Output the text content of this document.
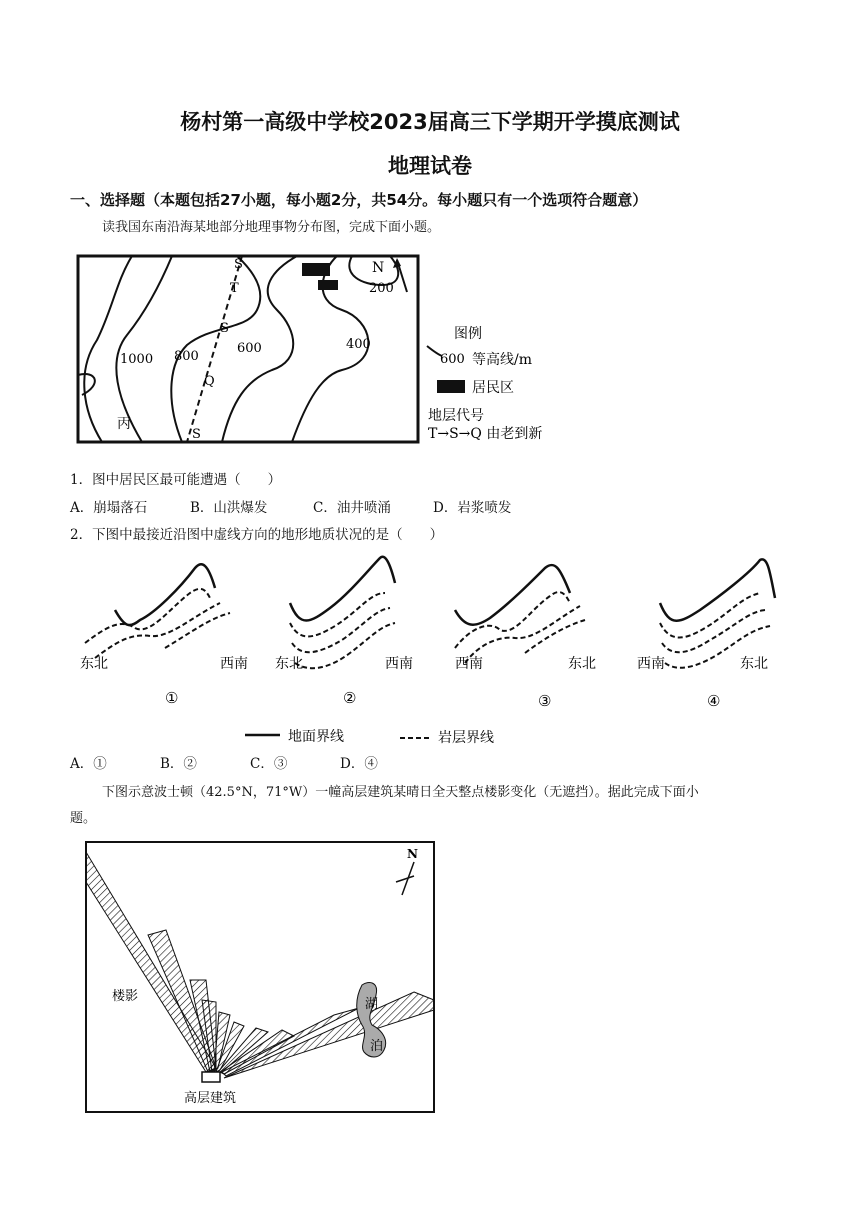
杨村第一高级中学校2023届高三下学期开学摸底测试
地理试卷
一、选择题（本题包括27小题，每小题2分，共54分。每小题只有一个选项符合题意）
读我国东南沿海某地部分地理事物分布图，完成下面小题。
N
200
1000 800
600	400
丙
Q
S
T
S
S
图例
600 等高线/m
居民区
地层代号
T→S→Q 由老到新
1．图中居民区最可能遭遇（　　）
A．崩塌落石	B．山洪爆发	C．油井喷涌	D．岩浆喷发
2．下图中最接近沿图中虚线方向的地形地质状况的是（　　）
东北	西南
①
东北	西南
②
西南	东北
③
西南	东北
④
地面界线	岩层界线
A．①	B．②	C．③	D．④
下图示意波士顿（42.5°N，71°W）一幢高层建筑某晴日全天整点楼影变化（无遮挡）。据此完成下面小
题。
N
楼影
湖
泊
高层建筑
